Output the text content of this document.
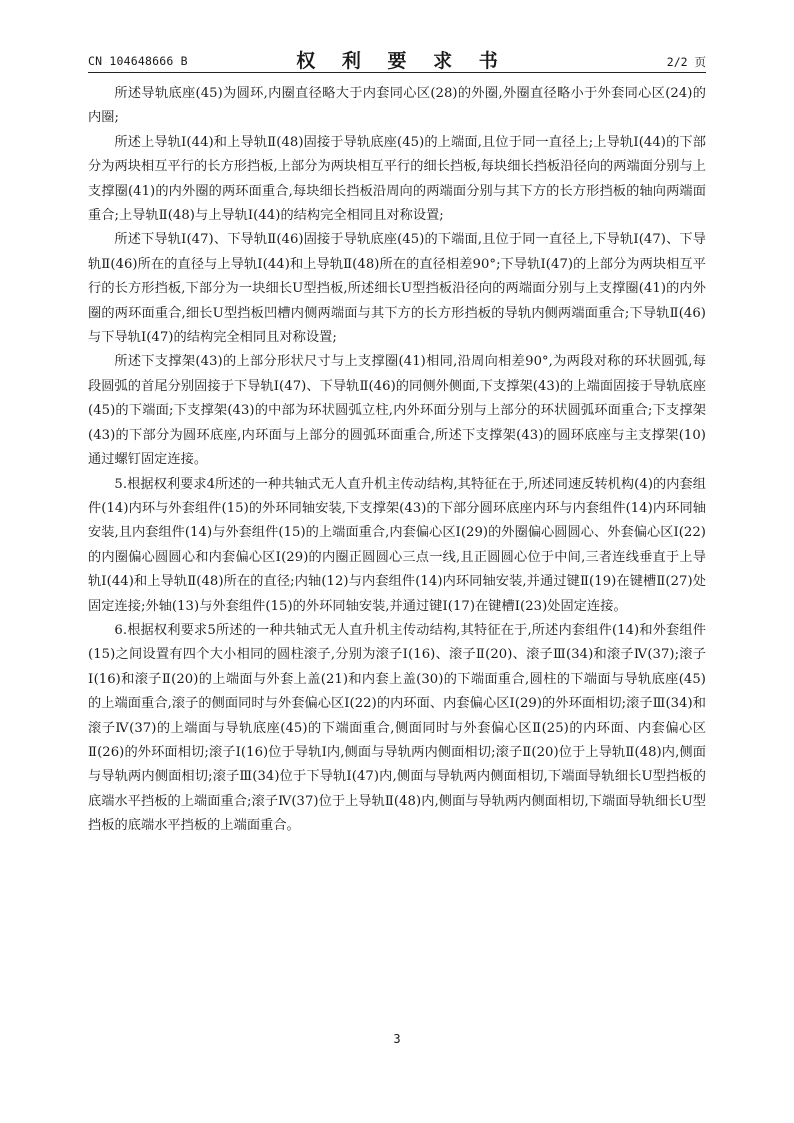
CN 104648666 B	权 利 要 求 书	2/2 页

所述导轨底座(45)为圆环,内圈直径略大于内套同心区(28)的外圈,外圈直径略小于外套同心区(24)的内圈;

所述上导轨Ⅰ(44)和上导轨Ⅱ(48)固接于导轨底座(45)的上端面,且位于同一直径上;上导轨Ⅰ(44)的下部分为两块相互平行的长方形挡板,上部分为两块相互平行的细长挡板,每块细长挡板沿径向的两端面分别与上支撑圈(41)的内外圈的两环面重合,每块细长挡板沿周向的两端面分别与其下方的长方形挡板的轴向两端面重合;上导轨Ⅱ(48)与上导轨Ⅰ(44)的结构完全相同且对称设置;

所述下导轨Ⅰ(47)、下导轨Ⅱ(46)固接于导轨底座(45)的下端面,且位于同一直径上,下导轨Ⅰ(47)、下导轨Ⅱ(46)所在的直径与上导轨Ⅰ(44)和上导轨Ⅱ(48)所在的直径相差90°;下导轨Ⅰ(47)的上部分为两块相互平行的长方形挡板,下部分为一块细长U型挡板,所述细长U型挡板沿径向的两端面分别与上支撑圈(41)的内外圈的两环面重合,细长U型挡板凹槽内侧两端面与其下方的长方形挡板的导轨内侧两端面重合;下导轨Ⅱ(46)与下导轨Ⅰ(47)的结构完全相同且对称设置;

所述下支撑架(43)的上部分形状尺寸与上支撑圈(41)相同,沿周向相差90°,为两段对称的环状圆弧,每段圆弧的首尾分别固接于下导轨Ⅰ(47)、下导轨Ⅱ(46)的同侧外侧面,下支撑架(43)的上端面固接于导轨底座(45)的下端面;下支撑架(43)的中部为环状圆弧立柱,内外环面分别与上部分的环状圆弧环面重合;下支撑架(43)的下部分为圆环底座,内环面与上部分的圆弧环面重合,所述下支撑架(43)的圆环底座与主支撑架(10)通过螺钉固定连接。

5.根据权利要求4所述的一种共轴式无人直升机主传动结构,其特征在于,所述同速反转机构(4)的内套组件(14)内环与外套组件(15)的外环同轴安装,下支撑架(43)的下部分圆环底座内环与内套组件(14)内环同轴安装,且内套组件(14)与外套组件(15)的上端面重合,内套偏心区Ⅰ(29)的外圈偏心圆圆心、外套偏心区Ⅰ(22)的内圈偏心圆圆心和内套偏心区Ⅰ(29)的内圈正圆圆心三点一线,且正圆圆心位于中间,三者连线垂直于上导轨Ⅰ(44)和上导轨Ⅱ(48)所在的直径;内轴(12)与内套组件(14)内环同轴安装,并通过键Ⅱ(19)在键槽Ⅱ(27)处固定连接;外轴(13)与外套组件(15)的外环同轴安装,并通过键Ⅰ(17)在键槽Ⅰ(23)处固定连接。

6.根据权利要求5所述的一种共轴式无人直升机主传动结构,其特征在于,所述内套组件(14)和外套组件(15)之间设置有四个大小相同的圆柱滚子,分别为滚子Ⅰ(16)、滚子Ⅱ(20)、滚子Ⅲ(34)和滚子Ⅳ(37);滚子Ⅰ(16)和滚子Ⅱ(20)的上端面与外套上盖(21)和内套上盖(30)的下端面重合,圆柱的下端面与导轨底座(45)的上端面重合,滚子的侧面同时与外套偏心区Ⅰ(22)的内环面、内套偏心区Ⅰ(29)的外环面相切;滚子Ⅲ(34)和滚子Ⅳ(37)的上端面与导轨底座(45)的下端面重合,侧面同时与外套偏心区Ⅱ(25)的内环面、内套偏心区Ⅱ(26)的外环面相切;滚子Ⅰ(16)位于导轨Ⅰ内,侧面与导轨两内侧面相切;滚子Ⅱ(20)位于上导轨Ⅱ(48)内,侧面与导轨两内侧面相切;滚子Ⅲ(34)位于下导轨Ⅰ(47)内,侧面与导轨两内侧面相切,下端面导轨细长U型挡板的底端水平挡板的上端面重合;滚子Ⅳ(37)位于上导轨Ⅱ(48)内,侧面与导轨两内侧面相切,下端面导轨细长U型挡板的底端水平挡板的上端面重合。

3
